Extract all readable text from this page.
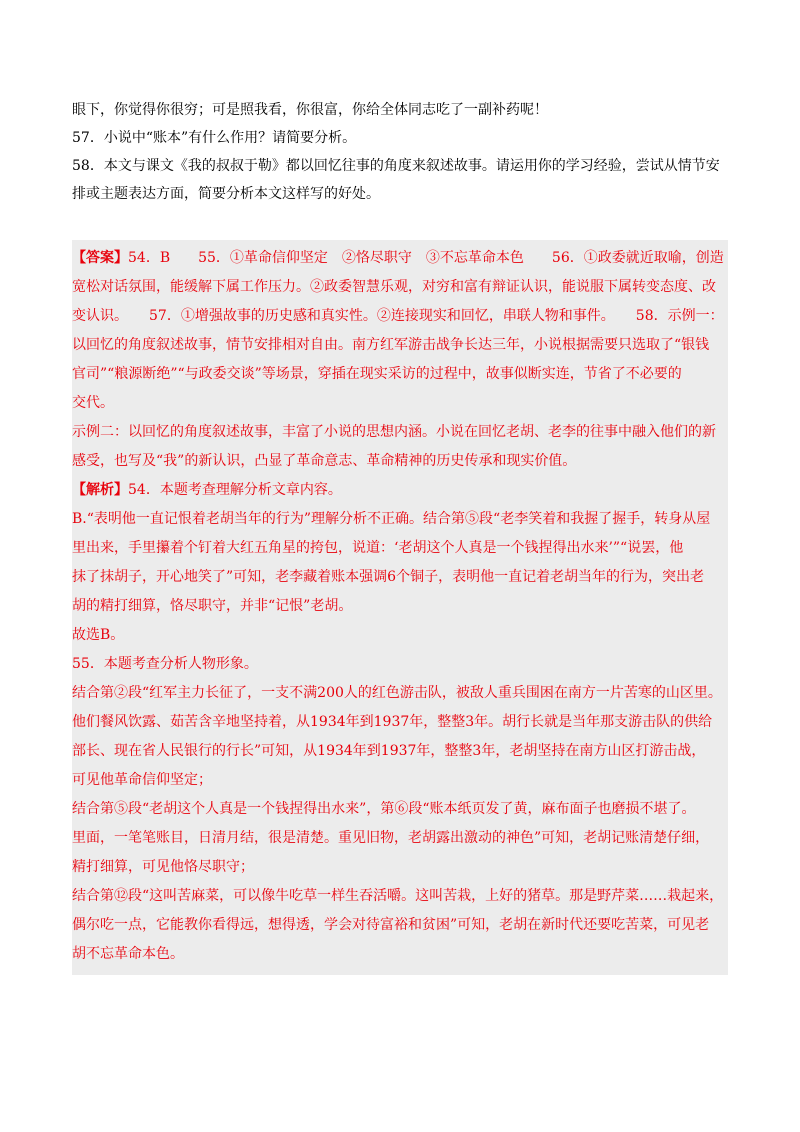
眼下，你觉得你很穷；可是照我看，你很富，你给全体同志吃了一副补药呢！

57．小说中“账本”有什么作用？请简要分析。

58．本文与课文《我的叔叔于勒》都以回忆往事的角度来叙述故事。请运用你的学习经验，尝试从情节安

排或主题表达方面，简要分析本文这样写的好处。

【答案】54．B　　55．①革命信仰坚定　②恪尽职守　③不忘革命本色　　56．①政委就近取喻，创造

宽松对话氛围，能缓解下属工作压力。②政委智慧乐观，对穷和富有辩证认识，能说服下属转变态度、改

变认识。　　57．①增强故事的历史感和真实性。②连接现实和回忆，串联人物和事件。　　58．示例一：

以回忆的角度叙述故事，情节安排相对自由。南方红军游击战争长达三年，小说根据需要只选取了“银钱

官司”“粮源断绝”“与政委交谈”等场景，穿插在现实采访的过程中，故事似断实连，节省了不必要的

交代。

示例二：以回忆的角度叙述故事，丰富了小说的思想内涵。小说在回忆老胡、老李的往事中融入他们的新

感受，也写及“我”的新认识，凸显了革命意志、革命精神的历史传承和现实价值。

【解析】54．本题考查理解分析文章内容。

B.“表明他一直记恨着老胡当年的行为”理解分析不正确。结合第⑤段“老李笑着和我握了握手，转身从屋

里出来，手里攥着个钉着大红五角星的挎包，说道：‘老胡这个人真是一个钱捏得出水来’”“说罢，他

抹了抹胡子，开心地笑了”可知，老李藏着账本强调6个铜子，表明他一直记着老胡当年的行为，突出老

胡的精打细算，恪尽职守，并非“记恨”老胡。

故选B。

55．本题考查分析人物形象。

结合第②段“红军主力长征了，一支不满200人的红色游击队，被敌人重兵围困在南方一片苦寒的山区里。

他们餐风饮露、茹苦含辛地坚持着，从1934年到1937年，整整3年。胡行长就是当年那支游击队的供给

部长、现在省人民银行的行长”可知，从1934年到1937年，整整3年，老胡坚持在南方山区打游击战，

可见他革命信仰坚定；

结合第⑤段“老胡这个人真是一个钱捏得出水来”，第⑥段“账本纸页发了黄，麻布面子也磨损不堪了。

里面，一笔笔账目，日清月结，很是清楚。重见旧物，老胡露出激动的神色”可知，老胡记账清楚仔细，

精打细算，可见他恪尽职守；

结合第⑫段“这叫苦麻菜，可以像牛吃草一样生吞活嚼。这叫苦栽，上好的猪草。那是野芹菜……栽起来，

偶尔吃一点，它能教你看得远，想得透，学会对待富裕和贫困”可知，老胡在新时代还要吃苦菜，可见老

胡不忘革命本色。
